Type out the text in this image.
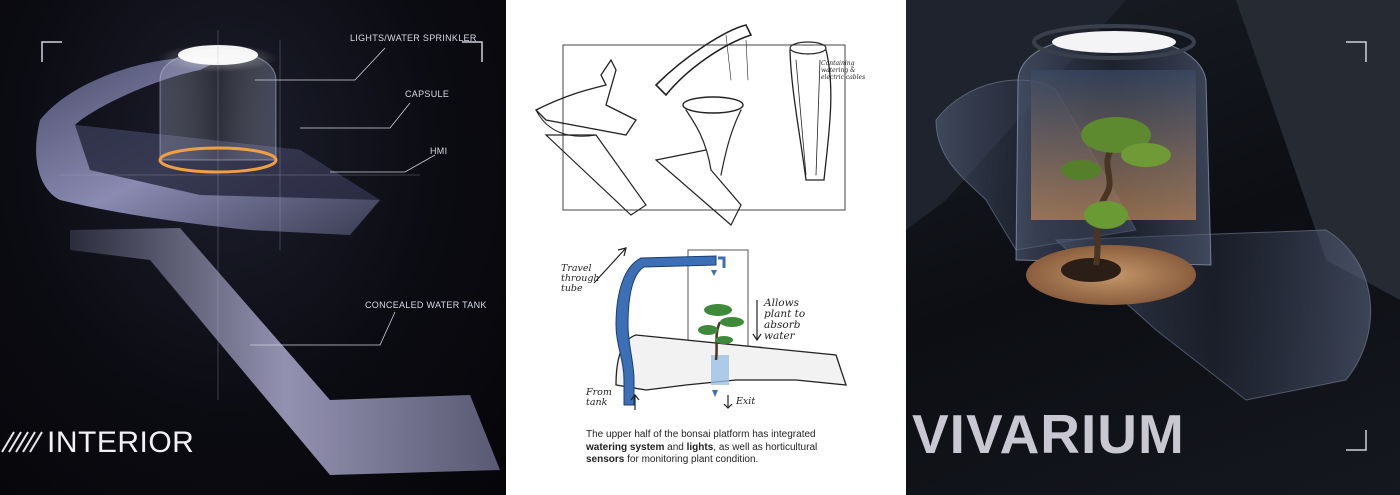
LIGHTS/WATER SPRINKLER
CAPSULE
HMI
CONCEALED WATER TANK
INTERIOR
Containing watering & electric cables
Travel through tube
Allows plant to absorb water
From tank	Exit
The upper half of the bonsai platform has integrated watering system and lights, as well as horticultural sensors for monitoring plant condition.	VIVARIUM
